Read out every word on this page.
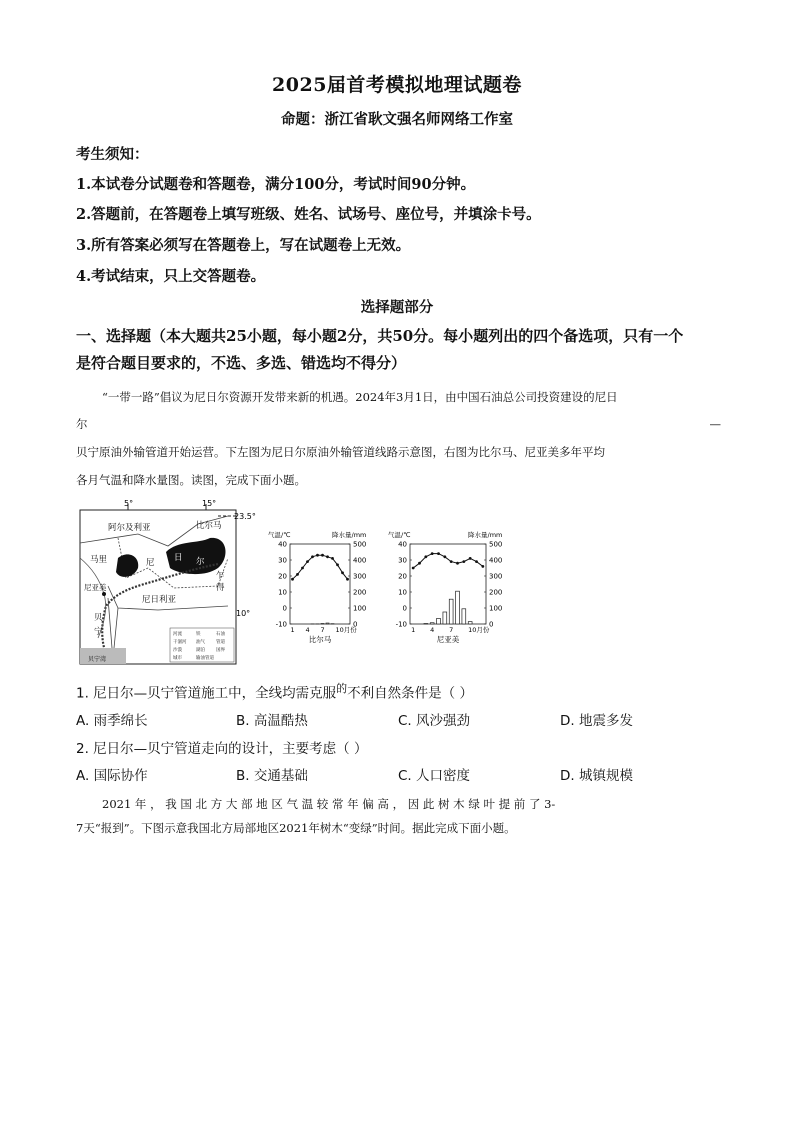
2025届首考模拟地理试题卷
命题：浙江省耿文强名师网络工作室
考生须知：
1.本试卷分试题卷和答题卷，满分100分，考试时间90分钟。
2.答题前，在答题卷上填写班级、姓名、试场号、座位号，并填涂卡号。
3.所有答案必须写在答题卷上，写在试题卷上无效。
4.考试结束，只上交答题卷。
选择题部分
一、选择题（本大题共25小题，每小题2分，共50分。每小题列出的四个备选项，只有一个
是符合题目要求的，不选、多选、错选均不得分）
“一带一路”倡议为尼日尔资源开发带来新的机遇。2024年3月1日，由中国石油总公司投资建设的尼日
尔	—
贝宁原油外输管道开始运营。下左图为尼日尔原油外输管道线路示意图，右图为比尔马、尼亚美多年平均
各月气温和降水量图。读图，完成下面小题。
5°	15°
23.5°
10°
河流	铁	石油
干涸河 油气 管道
沙漠	湖泊 国界
城市	输油管道
阿尔及利亚	比尔马
马里	尼 日 尔
乍
得
尼亚美
尼日利亚
贝
宁
贝宁湾
气温/℃	降水量/mm
40
30
20
10
0
-10
500
400
300
200
100
0
1 4 7 10月份
比尔马
气温/℃	降水量/mm
40
30
20
10
0
-10
500
400
300
200
100
0
1 4 7 10月份
尼亚美
1. 尼日尔—贝宁管道施工中，全线均需克服$^的$不利自然条件是（ ）
A. 雨季绵长	B. 高温酷热	C. 风沙强劲	D. 地震多发
2. 尼日尔—贝宁管道走向的设计，主要考虑（ ）
A. 国际协作	B. 交通基础	C. 人口密度	D. 城镇规模
2021 年 ， 我 国 北 方 大 部 地 区 气 温 较 常 年 偏 高 ， 因 此 树 木 绿 叶 提 前 了 3-
7天“报到”。下图示意我国北方局部地区2021年树木“变绿”时间。据此完成下面小题。
